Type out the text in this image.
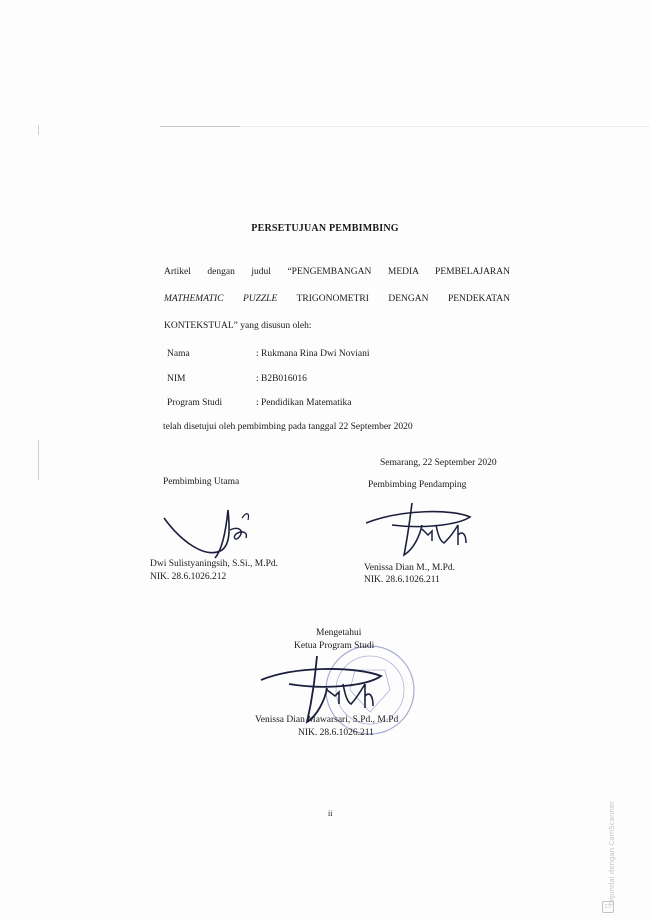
PERSETUJUAN PEMBIMBING
Artikel dengan judul “PENGEMBANGAN MEDIA PEMBELAJARAN
MATHEMATIC PUZZLE TRIGONOMETRI DENGAN PENDEKATAN
KONTEKSTUAL” yang disusun oleh:
Nama	: Rukmana Rina Dwi Noviani
NIM	: B2B016016
Program Studi	: Pendidikan Matematika
telah disetujui oleh pembimbing pada tanggal 22 September 2020
Semarang, 22 September 2020
Pembimbing Utama	Pembimbing Pendamping
Dwi Sulistyaningsih, S.Si., M.Pd.
NIK. 28.6.1026.212
Venissa Dian M., M.Pd.
NIK. 28.6.1026.211
Mengetahui
Ketua Program Studi
Venissa Dian Mawarsari, S.Pd., M.Pd
NIK. 28.6.1026.211
ii	Dipindai dengan CamScanner
CS
